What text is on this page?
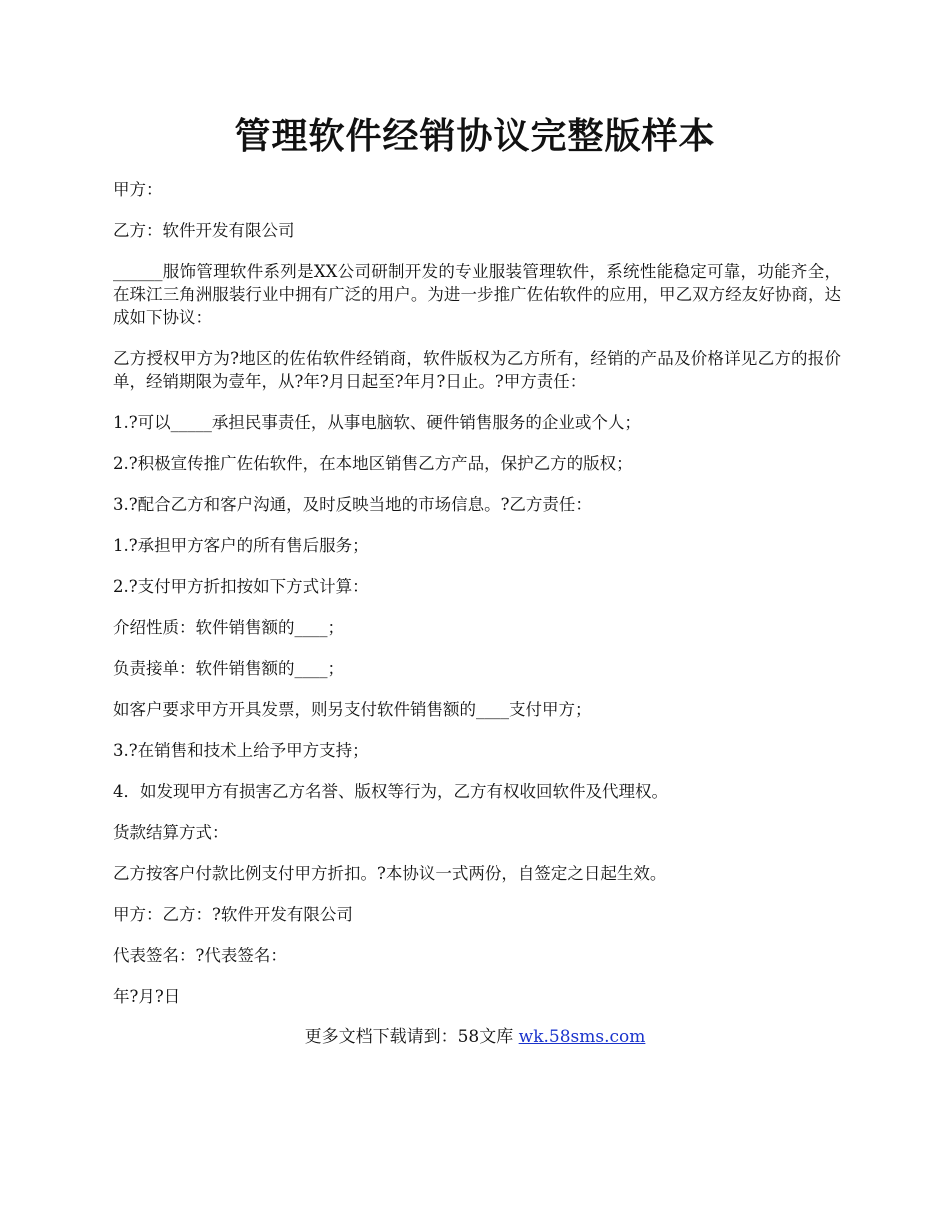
管理软件经销协议完整版样本

甲方：

乙方：软件开发有限公司

______服饰管理软件系列是XX公司研制开发的专业服装管理软件，系统性能稳定可靠，功能齐全，在珠江三角洲服装行业中拥有广泛的用户。为进一步推广佐佑软件的应用，甲乙双方经友好协商，达成如下协议：

乙方授权甲方为?地区的佐佑软件经销商，软件版权为乙方所有，经销的产品及价格详见乙方的报价单，经销期限为壹年，从?年?月日起至?年月?日止。?甲方责任：

1.?可以_____承担民事责任，从事电脑软、硬件销售服务的企业或个人；

2.?积极宣传推广佐佑软件，在本地区销售乙方产品，保护乙方的版权；

3.?配合乙方和客户沟通，及时反映当地的市场信息。?乙方责任：

1.?承担甲方客户的所有售后服务；

2.?支付甲方折扣按如下方式计算：

介绍性质：软件销售额的____；

负责接单：软件销售额的____；

如客户要求甲方开具发票，则另支付软件销售额的____支付甲方；

3.?在销售和技术上给予甲方支持；

4．如发现甲方有损害乙方名誉、版权等行为，乙方有权收回软件及代理权。

货款结算方式：

乙方按客户付款比例支付甲方折扣。?本协议一式两份，自签定之日起生效。

甲方：乙方：?软件开发有限公司

代表签名：?代表签名：

年?月?日

更多文档下载请到：58文库 wk.58sms.com
